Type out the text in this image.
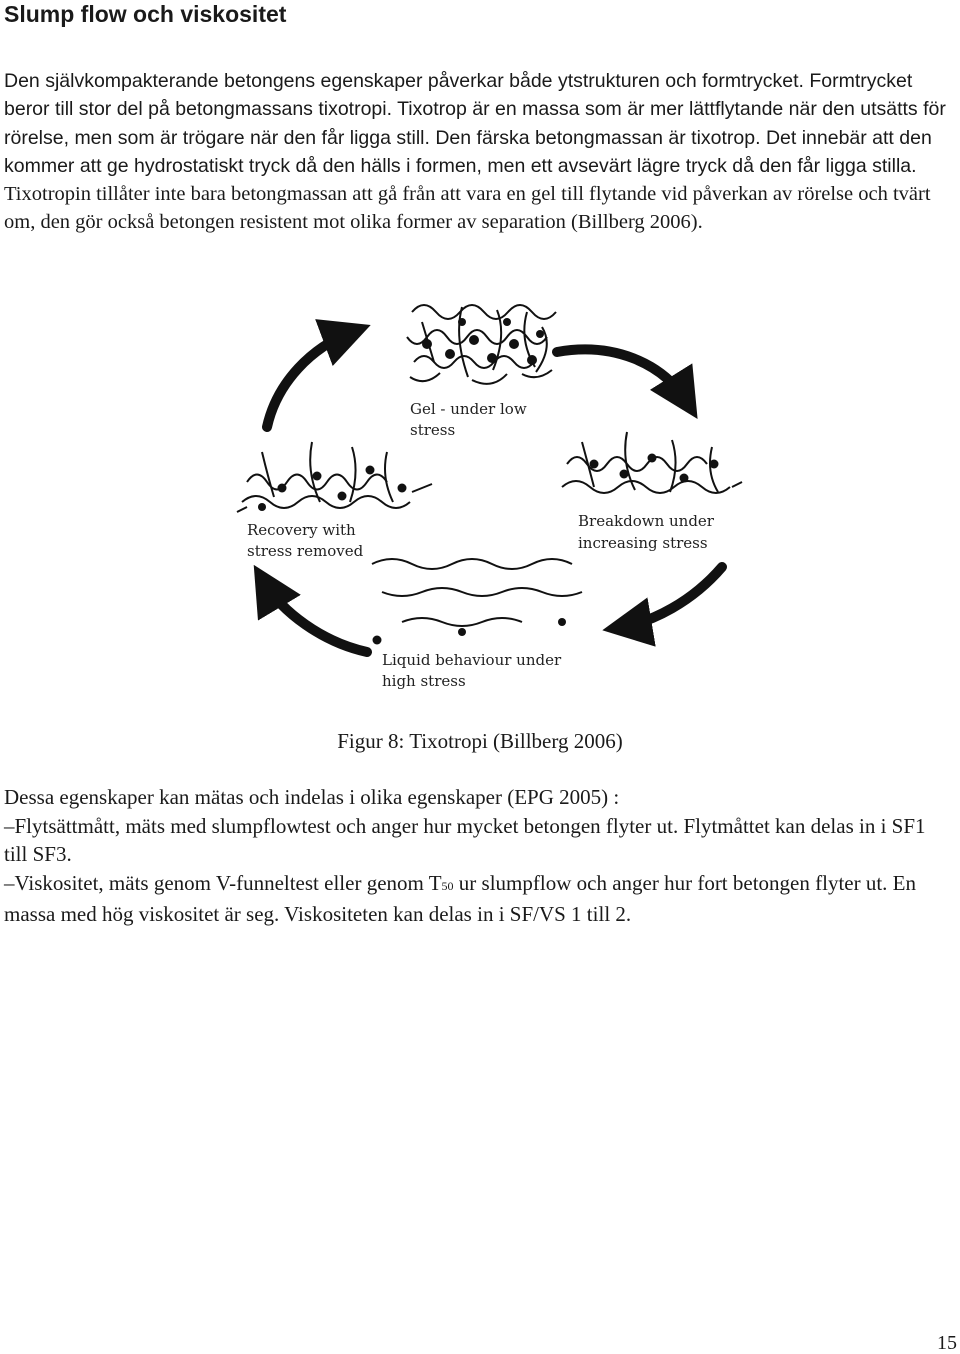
Slump flow och viskositet

Den självkompakterande betongens egenskaper påverkar både ytstrukturen och formtrycket. Formtrycket beror till stor del på betongmassans tixotropi. Tixotrop är en massa som är mer lättflytande när den utsätts för rörelse, men som är trögare när den får ligga still. Den färska betongmassan är tixotrop. Det innebär att den kommer att ge hydrostatiskt tryck då den hälls i formen, men ett avsevärt lägre tryck då den får ligga stilla. Tixotropin tillåter inte bara betongmassan att gå från att vara en gel till flytande vid påverkan av rörelse och tvärt om, den gör också betongen resistent mot olika former av separation (Billberg 2006).

Gel - under low
stress
Recovery with
stress removed
Breakdown under
increasing stress
Liquid behaviour under
high stress

Figur 8: Tixotropi (Billberg 2006)

Dessa egenskaper kan mätas och indelas i olika egenskaper (EPG 2005) :

–Flytsättmått, mäts med slumpflowtest och anger hur mycket betongen flyter ut. Flytmåttet kan delas in i SF1 till SF3.

–Viskositet, mäts genom V-funneltest eller genom T50 ur slumpflow och anger hur fort betongen flyter ut. En massa med hög viskositet är seg. Viskositeten kan delas in i SF/VS 1 till 2.

15
